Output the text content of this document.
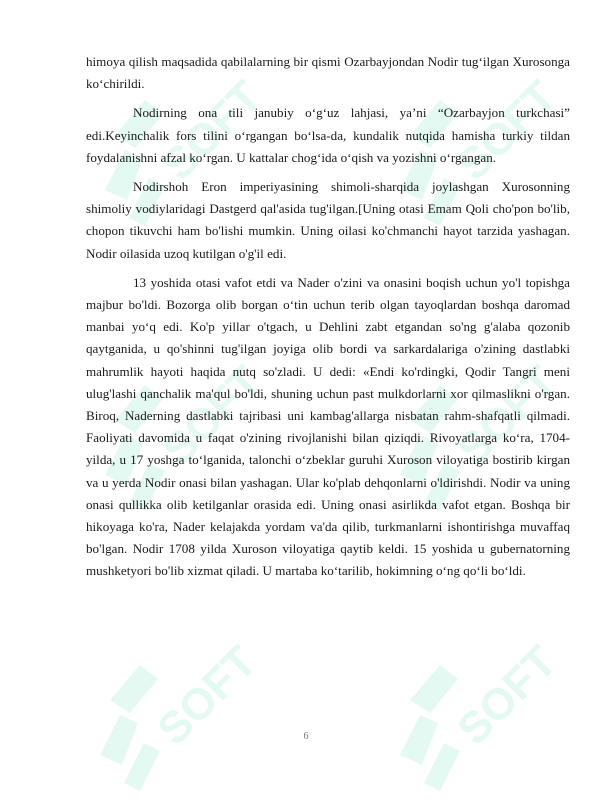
SOFT	SOFT
SOFT	SOFT
SOFT	SOFT

himoya qilish maqsadida qabilalarning bir qismi Ozarbayjondan Nodir tug‘ilgan Xurosonga ko‘chirildi.

Nodirning ona tili janubiy o‘g‘uz lahjasi, ya’ni “Ozarbayjon turkchasi” edi.Keyinchalik fors tilini o‘rgangan bo‘lsa-da, kundalik nutqida hamisha turkiy tildan foydalanishni afzal ko‘rgan. U kattalar chog‘ida o‘qish va yozishni o‘rgangan.

Nodirshoh Eron imperiyasining shimoli-sharqida joylashgan Xurosonning shimoliy vodiylaridagi Dastgerd qal'asida tug'ilgan.[Uning otasi Emam Qoli cho'pon bo'lib, chopon tikuvchi ham bo'lishi mumkin. Uning oilasi ko'chmanchi hayot tarzida yashagan. Nodir oilasida uzoq kutilgan o'g'il edi.

13 yoshida otasi vafot etdi va Nader o'zini va onasini boqish uchun yo'l topishga majbur bo'ldi. Bozorga olib borgan o‘tin uchun terib olgan tayoqlardan boshqa daromad manbai yo‘q edi. Ko'p yillar o'tgach, u Dehlini zabt etgandan so'ng g'alaba qozonib qaytganida, u qo'shinni tug'ilgan joyiga olib bordi va sarkardalariga o'zining dastlabki mahrumlik hayoti haqida nutq so'zladi. U dedi: «Endi ko'rdingki, Qodir Tangri meni ulug'lashi qanchalik ma'qul bo'ldi, shuning uchun past mulkdorlarni xor qilmaslikni o'rgan. Biroq, Naderning dastlabki tajribasi uni kambag'allarga nisbatan rahm-shafqatli qilmadi. Faoliyati davomida u faqat o'zining rivojlanishi bilan qiziqdi. Rivoyatlarga ko‘ra, 1704-yilda, u 17 yoshga to‘lganida, talonchi o‘zbeklar guruhi Xuroson viloyatiga bostirib kirgan va u yerda Nodir onasi bilan yashagan. Ular ko'plab dehqonlarni o'ldirishdi. Nodir va uning onasi qullikka olib ketilganlar orasida edi. Uning onasi asirlikda vafot etgan. Boshqa bir hikoyaga ko'ra, Nader kelajakda yordam va'da qilib, turkmanlarni ishontirishga muvaffaq bo'lgan. Nodir 1708 yilda Xuroson viloyatiga qaytib keldi. 15 yoshida u gubernatorning mushketyori bo'lib xizmat qiladi. U martaba ko‘tarilib, hokimning o‘ng qo‘li bo‘ldi.

6
